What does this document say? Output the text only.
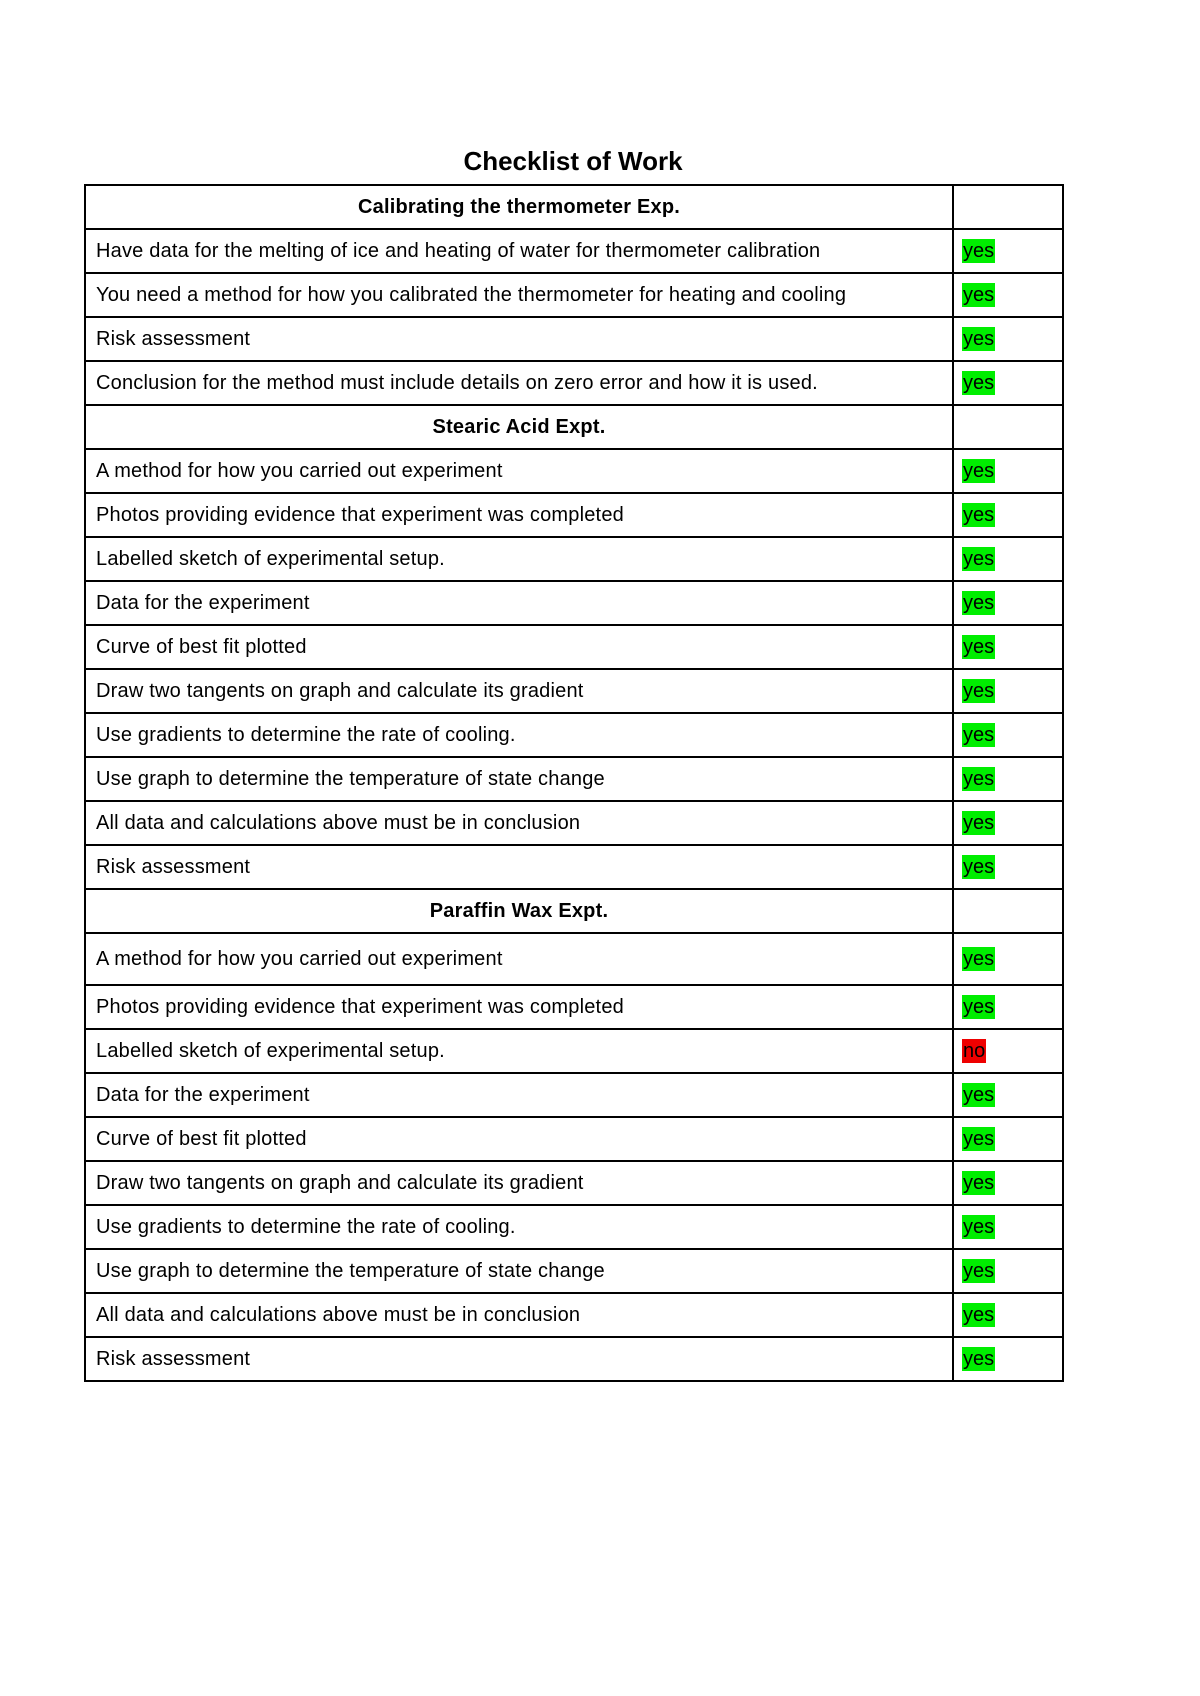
Checklist of Work
Calibrating the thermometer Exp.	
Have data for the melting of ice and heating of water for thermometer calibration	yes
You need a method for how you calibrated the thermometer for heating and cooling	yes
Risk assessment	yes
Conclusion for the method must include details on zero error and how it is used.	yes
Stearic Acid Expt.	
A method for how you carried out experiment	yes
Photos providing evidence that experiment was completed	yes
Labelled sketch of experimental setup.	yes
Data for the experiment	yes
Curve of best fit plotted	yes
Draw two tangents on graph and calculate its gradient	yes
Use gradients to determine the rate of cooling.	yes
Use graph to determine the temperature of state change	yes
All data and calculations above must be in conclusion	yes
Risk assessment	yes
Paraffin Wax Expt.	
A method for how you carried out experiment	yes
Photos providing evidence that experiment was completed	yes
Labelled sketch of experimental setup.	no
Data for the experiment	yes
Curve of best fit plotted	yes
Draw two tangents on graph and calculate its gradient	yes
Use gradients to determine the rate of cooling.	yes
Use graph to determine the temperature of state change	yes
All data and calculations above must be in conclusion	yes
Risk assessment	yes
